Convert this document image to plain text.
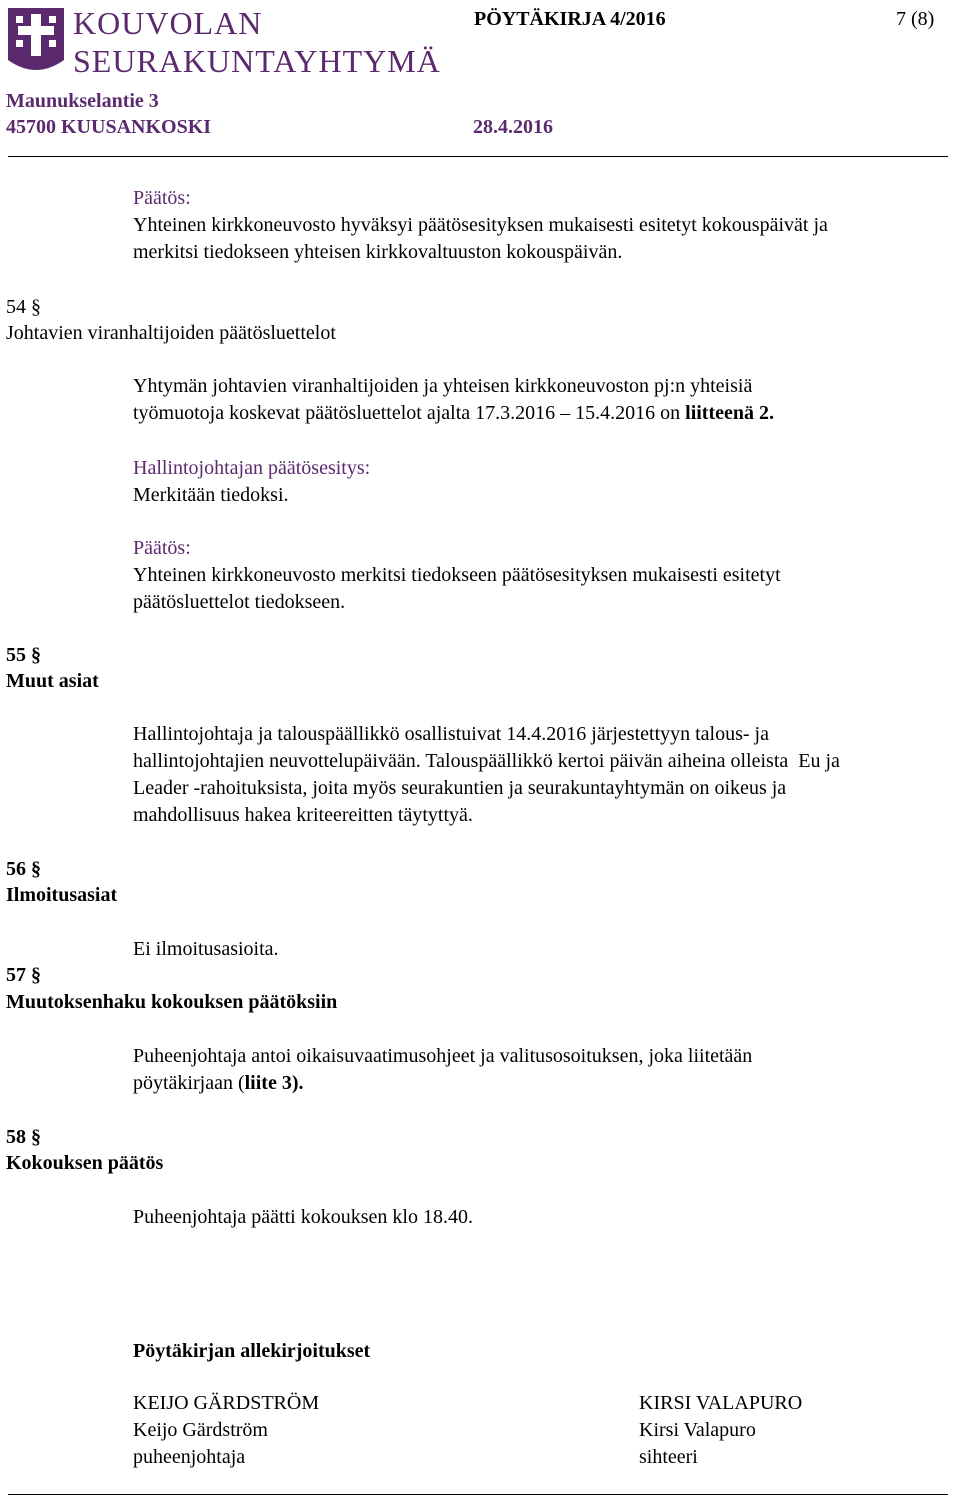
KOUVOLAN
SEURAKUNTAYHTYMÄ
PÖYTÄKIRJA 4/2016	7 (8)
Maunukselantie 3
45700 KUUSANKOSKI	28.4.2016
Päätös:
Yhteinen kirkkoneuvosto hyväksyi päätösesityksen mukaisesti esitetyt kokouspäivät ja
merkitsi tiedokseen yhteisen kirkkovaltuuston kokouspäivän.
54 §
Johtavien viranhaltijoiden päätösluettelot
Yhtymän johtavien viranhaltijoiden ja yhteisen kirkkoneuvoston pj:n yhteisiä
työmuotoja koskevat päätösluettelot ajalta 17.3.2016 – 15.4.2016 on liitteenä 2.
Hallintojohtajan päätösesitys:
Merkitään tiedoksi.
Päätös:
Yhteinen kirkkoneuvosto merkitsi tiedokseen päätösesityksen mukaisesti esitetyt
päätösluettelot tiedokseen.
55 §
Muut asiat
Hallintojohtaja ja talouspäällikkö osallistuivat 14.4.2016 järjestettyyn talous- ja
hallintojohtajien neuvottelupäivään. Talouspäällikkö kertoi päivän aiheina olleista  Eu ja
Leader -rahoituksista, joita myös seurakuntien ja seurakuntayhtymän on oikeus ja
mahdollisuus hakea kriteereitten täytyttyä.
56 §
Ilmoitusasiat
Ei ilmoitusasioita.
57 §
Muutoksenhaku kokouksen päätöksiin
Puheenjohtaja antoi oikaisuvaatimusohjeet ja valitusosoituksen, joka liitetään
pöytäkirjaan (liite 3).
58 §
Kokouksen päätös
Puheenjohtaja päätti kokouksen klo 18.40.
Pöytäkirjan allekirjoitukset
KEIJO GÄRDSTRÖM
Keijo Gärdström
puheenjohtaja
KIRSI VALAPURO
Kirsi Valapuro
sihteeri
